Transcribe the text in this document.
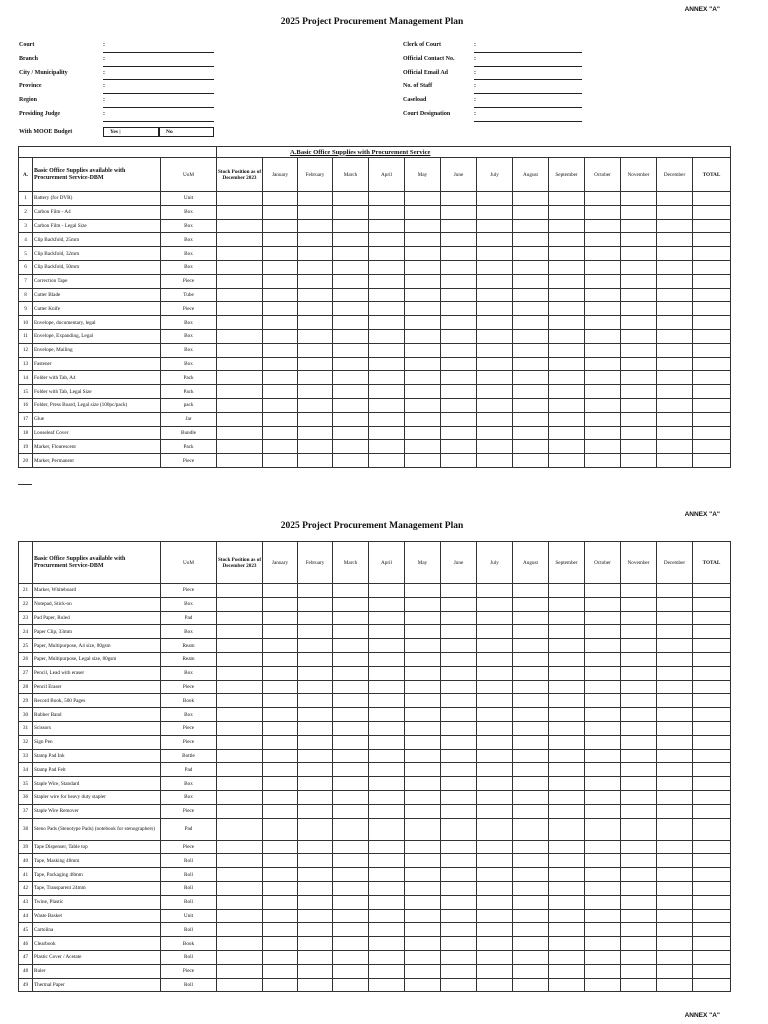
ANNEX "A"
2025 Project Procurement Management Plan
Court	:
Branch	:
City / Municipality	:
Province	:
Region	:
Presiding Judge	:
Clerk of Court	:
Official Contact No.	:
Official Email Ad	:
No. of Staff	:
Caseload	:
Court Designation	:
With MOOE Budget	Yes |	No
			A.Basic Office Supplies with Procurement Service													
A.	Basic Office Supplies available with Procurement Service-DBM	UoM	Stock Position as of December 2023	January	February	March	April	May	June	July	August	September	October	November	December	TOTAL
1	Battery (for DVR)	Unit														
2	Carbon Film - A4	Box														
3	Carbon Film - Legal Size	Box														
4	Clip Backfold, 25mm	Box														
5	Clip Backfold, 32mm	Box														
6	Clip Backfold, 50mm	Box														
7	Correction Tape	Piece														
8	Cutter Blade	Tube														
9	Cutter Knife	Piece														
10	Envelope, documentary, legal	Box														
11	Envelope, Expanding, Legal	Box														
12	Envelope, Mailing	Box														
13	Fastener	Box														
14	Folder with Tab, A4	Pack														
15	Folder with Tab, Legal Size	Pack														
16	Folder, Press Board, Legal size (100pc/pack)	pack														
17	Glue	Jar														
18	Looseleaf Cover	Bundle														
19	Marker, Flourescent	Pack														
20	Marker, Permanent	Piece														
ANNEX "A"
2025 Project Procurement Management Plan
	Basic Office Supplies available with Procurement Service-DBM	UoM	Stock Position as of December 2023	January	February	March	April	May	June	July	August	September	October	November	December	TOTAL
21	Marker, Whiteboard	Piece														
22	Notepad, Stick-on	Box														
23	Pad Paper, Ruled	Pad														
24	Paper Clip, 33mm	Box														
25	Paper, Multipurpose, A4 size, 80gsm	Ream														
26	Paper, Multipurpose, Legal size, 80gsm	Ream														
27	Pencil, Lead with eraser	Box														
28	Pencil Eraser	Piece														
29	Record Book, 500 Pages	Book														
30	Rubber Band	Box														
31	Scissors	Piece														
32	Sign Pen	Piece														
33	Stamp Pad Ink	Bottle														
34	Stamp Pad Felt	Pad														
35	Staple Wire, Standard	Box														
36	Stapler wire for heavy duty stapler	Box														
37	Staple Wire Remover	Piece														
38	Steno Pads (Stenotype Pads) (notebook for stenographers)	Pad														
39	Tape Dispenser, Table top	Piece														
40	Tape, Masking 48mm	Roll														
41	Tape, Packaging 48mm	Roll														
42	Tape, Transparent 24mm	Roll														
43	Twine, Plastic	Roll														
44	Waste Basket	Unit														
45	Cartolina	Roll														
46	Clearbook	Book														
47	Plastic Cover / Acetate	Roll														
48	Ruler	Piece														
49	Thermal Paper	Roll														
ANNEX "A"
